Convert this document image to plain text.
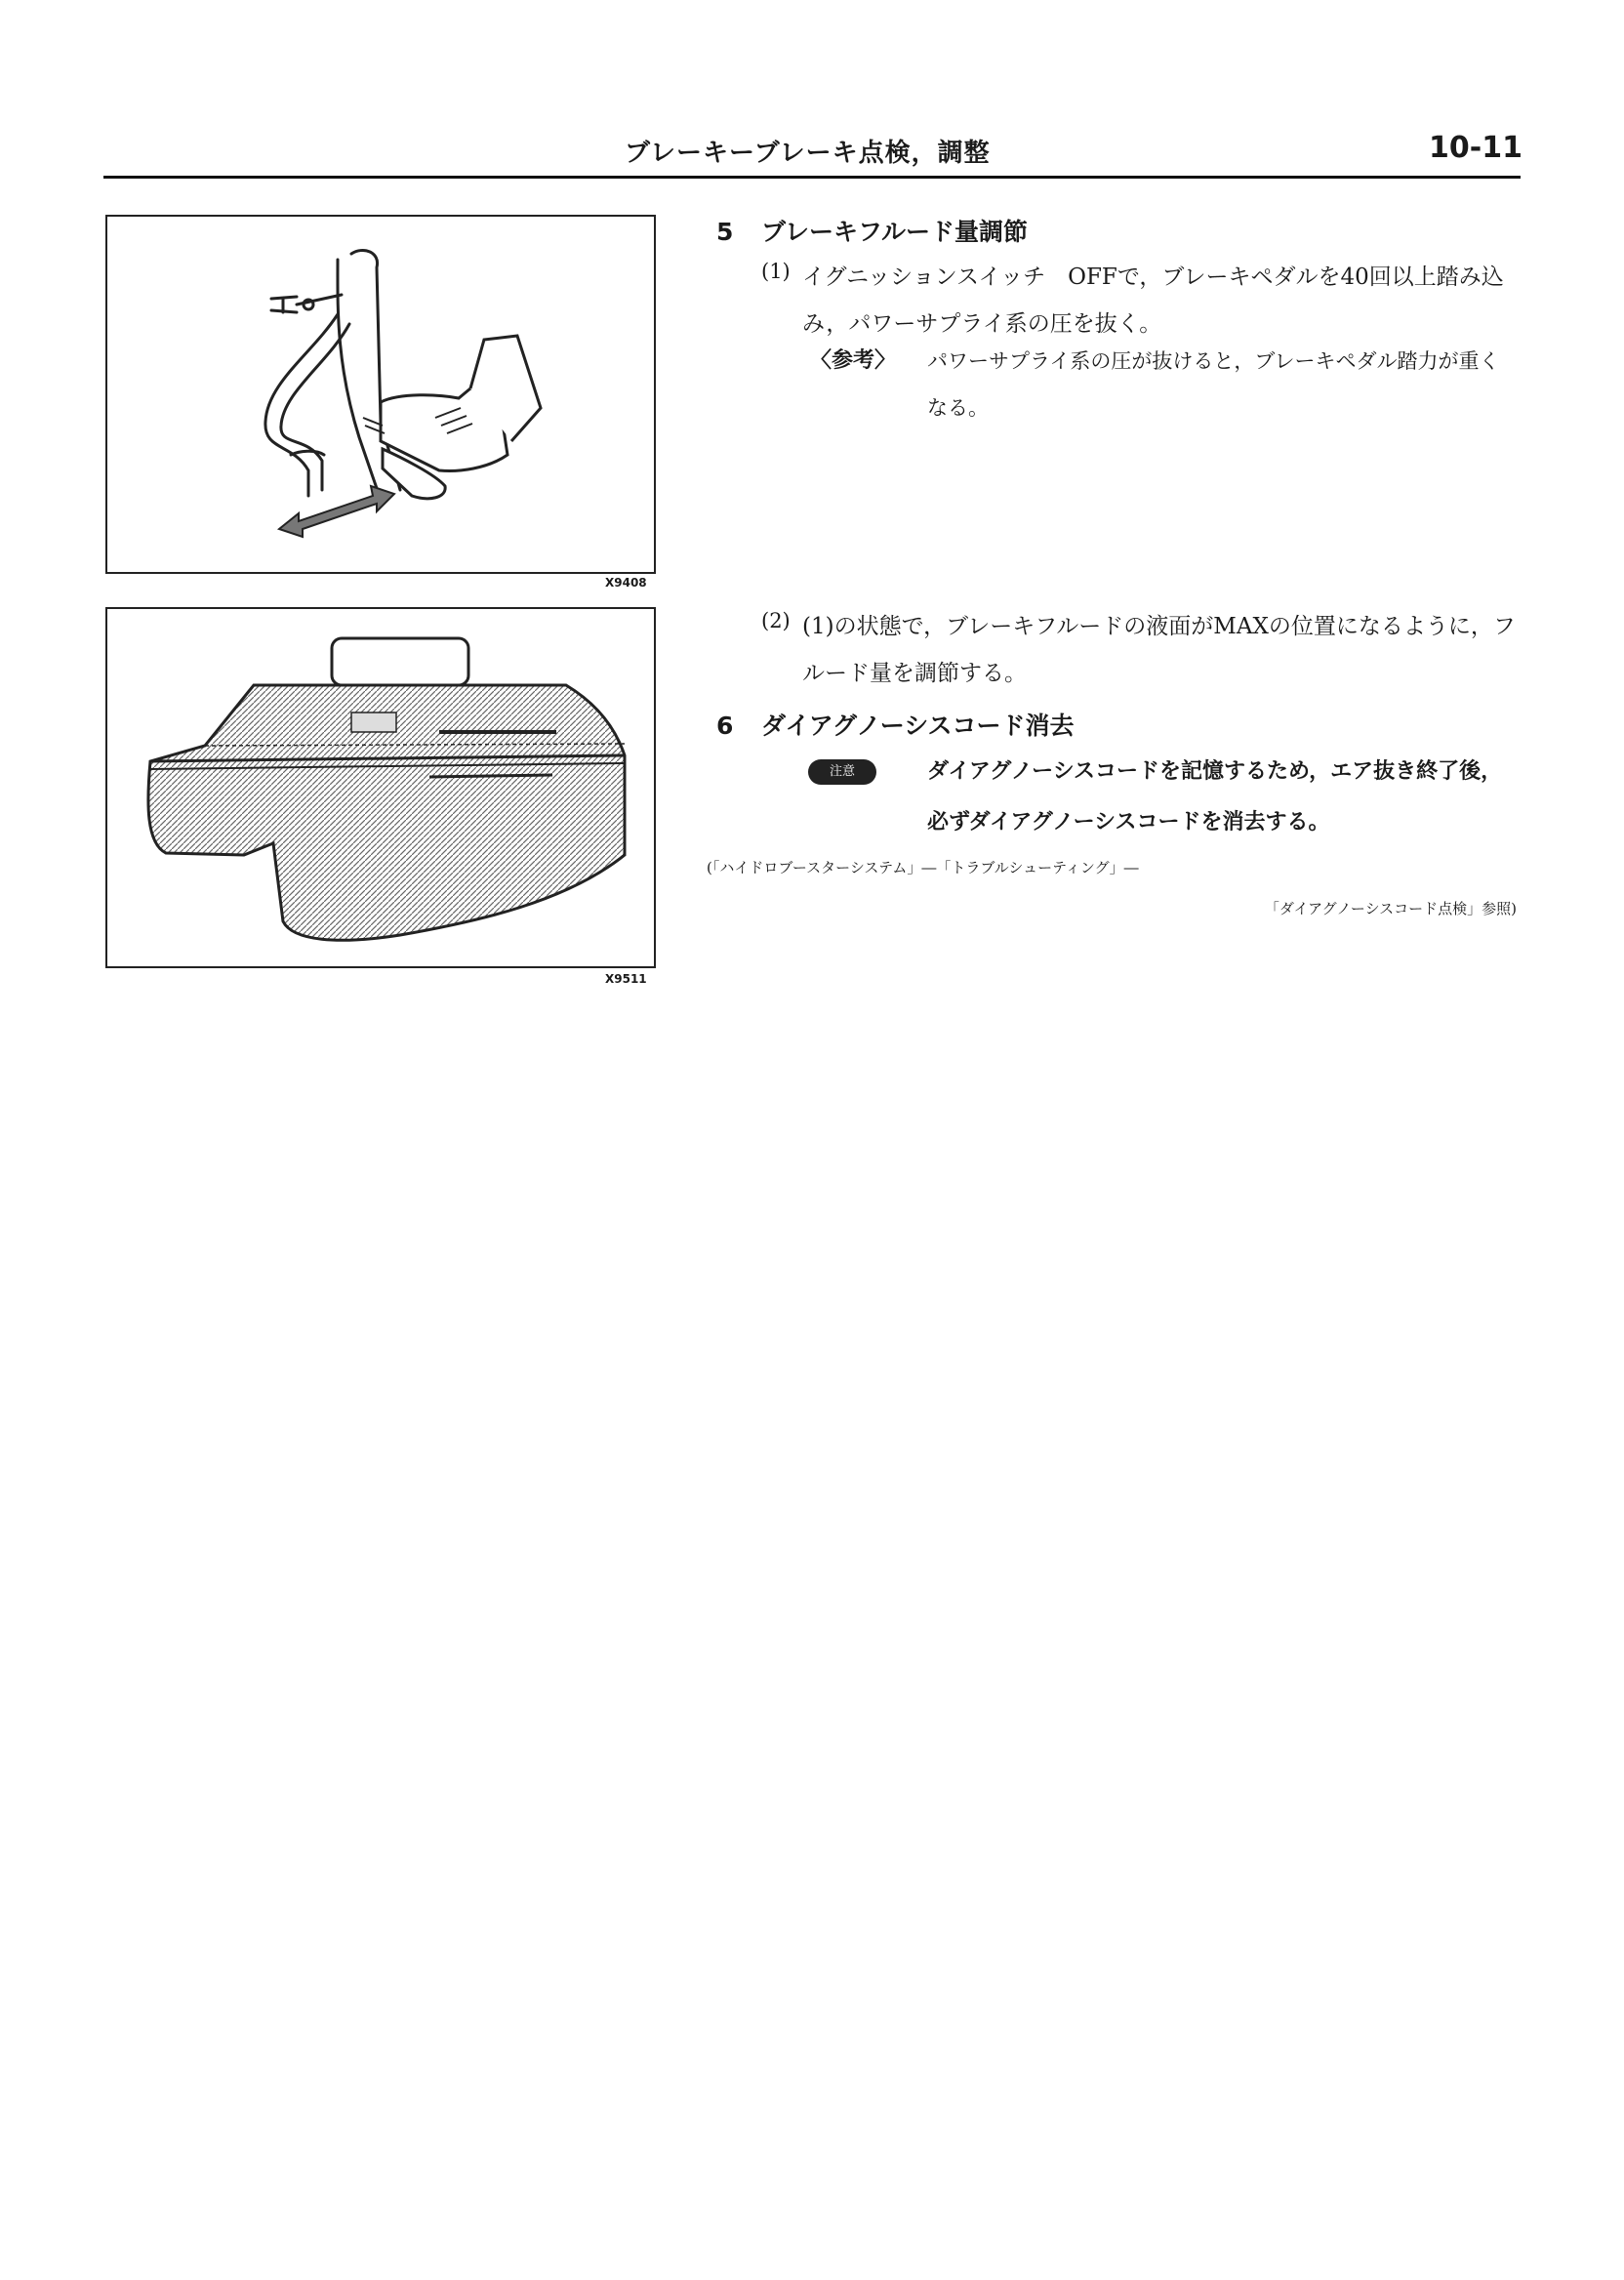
ブレーキーブレーキ点検，調整	10-11
X9408
X9511
5 ブレーキフルード量調節
(1) イグニッションスイッチ　OFFで，ブレーキペダルを40回以上踏み込み，パワーサプライ系の圧を抜く。
〈参考〉 パワーサプライ系の圧が抜けると，ブレーキペダル踏力が重くなる。
(2) (1)の状態で，ブレーキフルードの液面がMAXの位置になるように，フルード量を調節する。
6 ダイアグノーシスコード消去
注意	ダイアグノーシスコードを記憶するため，エア抜き終了後，必ずダイアグノーシスコードを消去する。
(「ハイドロブースターシステム」―「トラブルシューティング」―
「ダイアグノーシスコード点検」参照)
